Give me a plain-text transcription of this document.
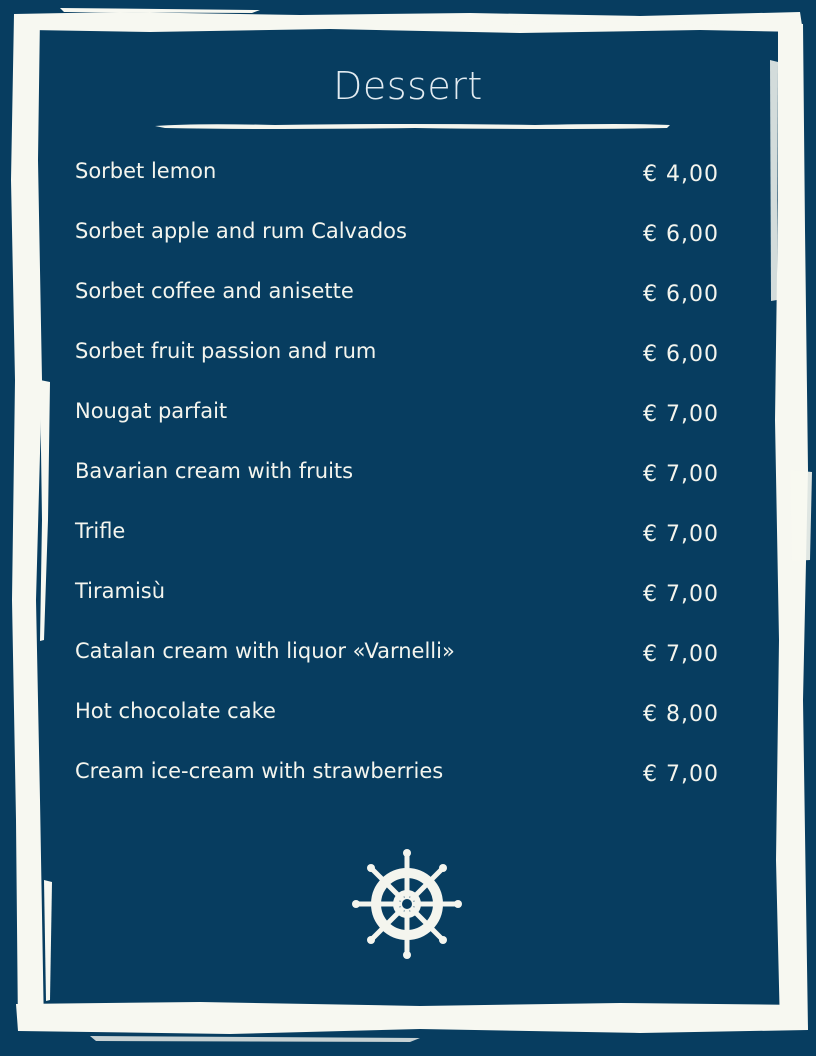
Dessert
Sorbet lemon	€ 4,00
Sorbet apple and rum Calvados	€ 6,00
Sorbet coffee and anisette	€ 6,00
Sorbet fruit passion and rum	€ 6,00
Nougat parfait	€ 7,00
Bavarian cream with fruits	€ 7,00
Trifle	€ 7,00
Tiramisù	€ 7,00
Catalan cream with liquor «Varnelli»	€ 7,00
Hot chocolate cake	€ 8,00
Cream ice-cream with strawberries	€ 7,00
